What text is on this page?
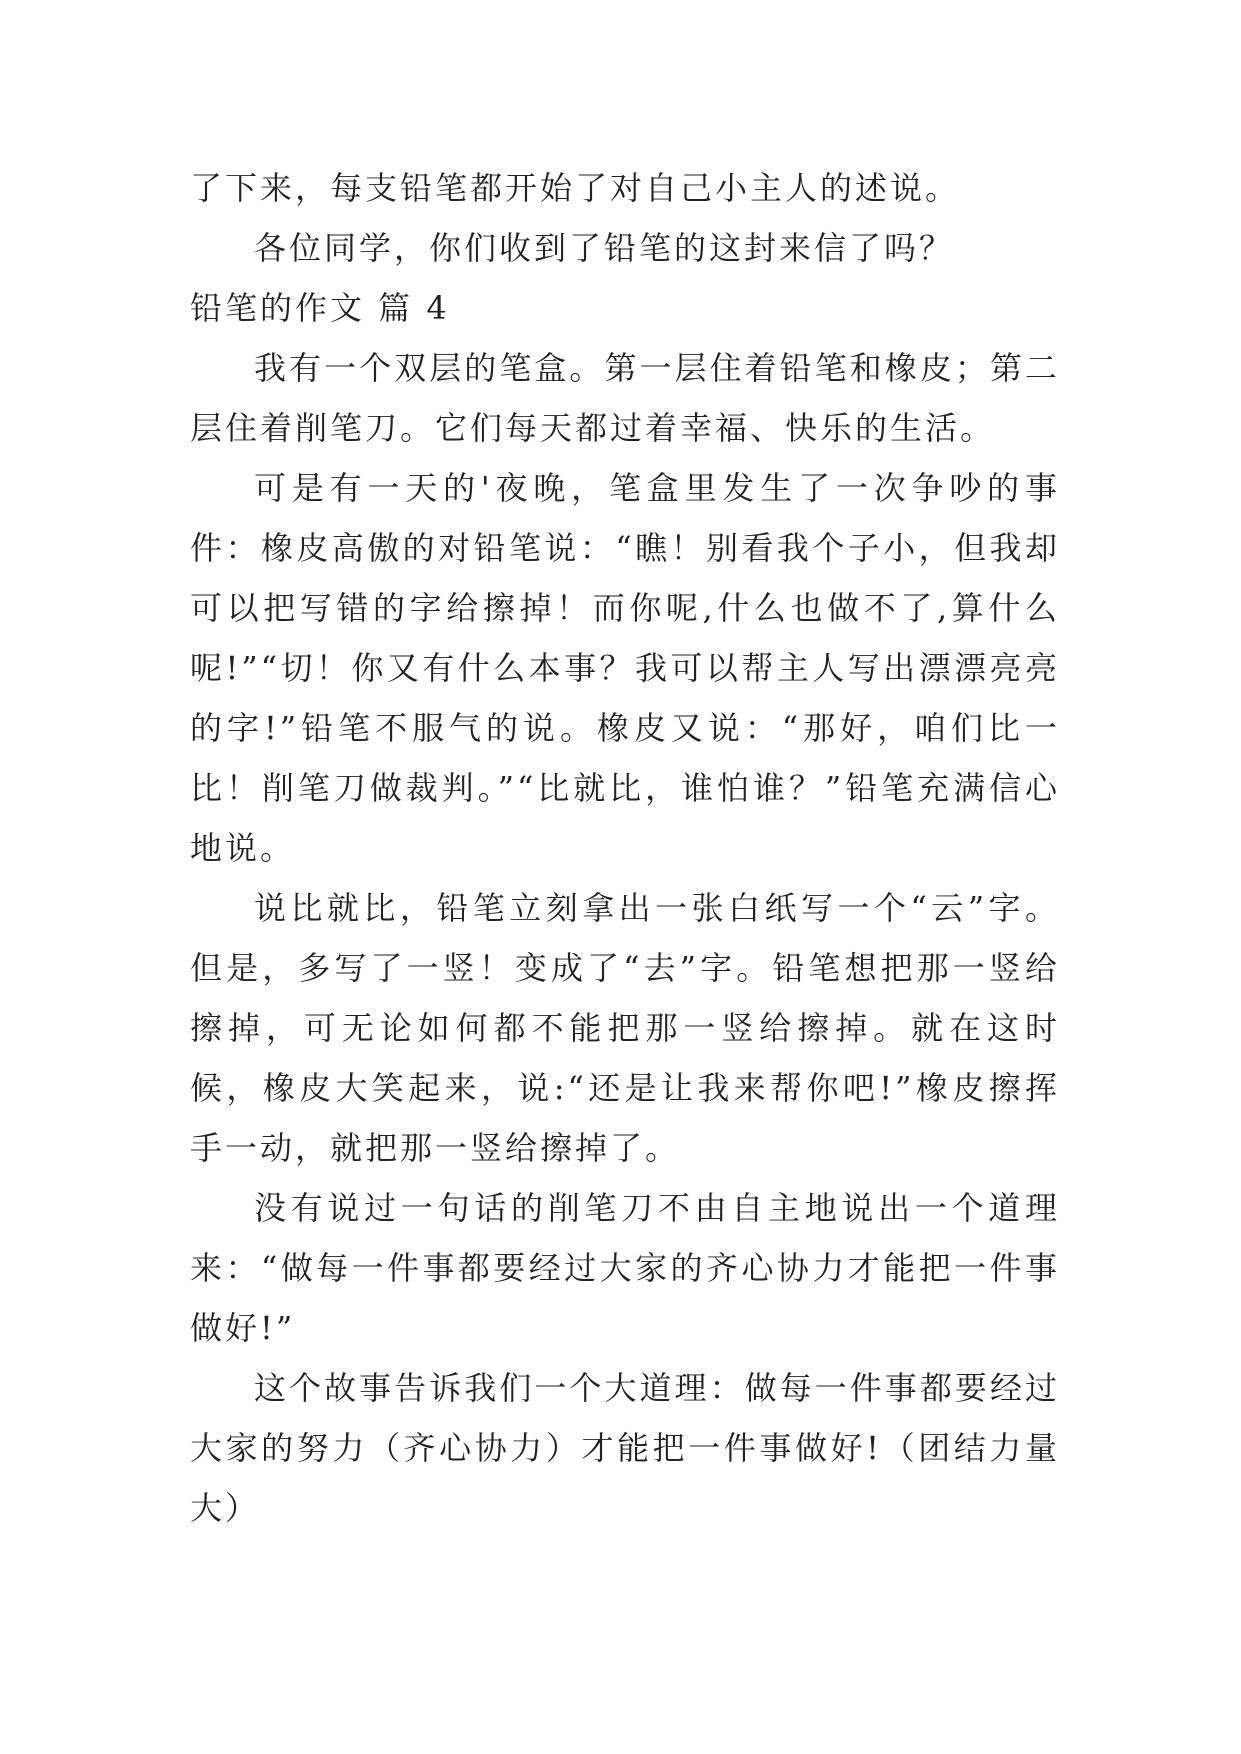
了下来，每支铅笔都开始了对自己小主人的述说。

各位同学，你们收到了铅笔的这封来信了吗？

铅笔的作文 篇 4

我有一个双层的笔盒。第一层住着铅笔和橡皮；第二层住着削笔刀。它们每天都过着幸福、快乐的生活。

可是有一天的'夜晚，笔盒里发生了一次争吵的事件：橡皮高傲的对铅笔说：“瞧！别看我个子小，但我却可以把写错的字给擦掉！而你呢,什么也做不了,算什么呢!”“切！你又有什么本事？我可以帮主人写出漂漂亮亮的字!”铅笔不服气的说。橡皮又说：“那好，咱们比一比！削笔刀做裁判。”“比就比，谁怕谁？”铅笔充满信心地说。

说比就比，铅笔立刻拿出一张白纸写一个“云”字。但是，多写了一竖！变成了“去”字。铅笔想把那一竖给擦掉，可无论如何都不能把那一竖给擦掉。就在这时候，橡皮大笑起来，说:“还是让我来帮你吧!”橡皮擦挥手一动，就把那一竖给擦掉了。

没有说过一句话的削笔刀不由自主地说出一个道理来：“做每一件事都要经过大家的齐心协力才能把一件事做好!”

这个故事告诉我们一个大道理：做每一件事都要经过大家的努力（齐心协力）才能把一件事做好!（团结力量大）
